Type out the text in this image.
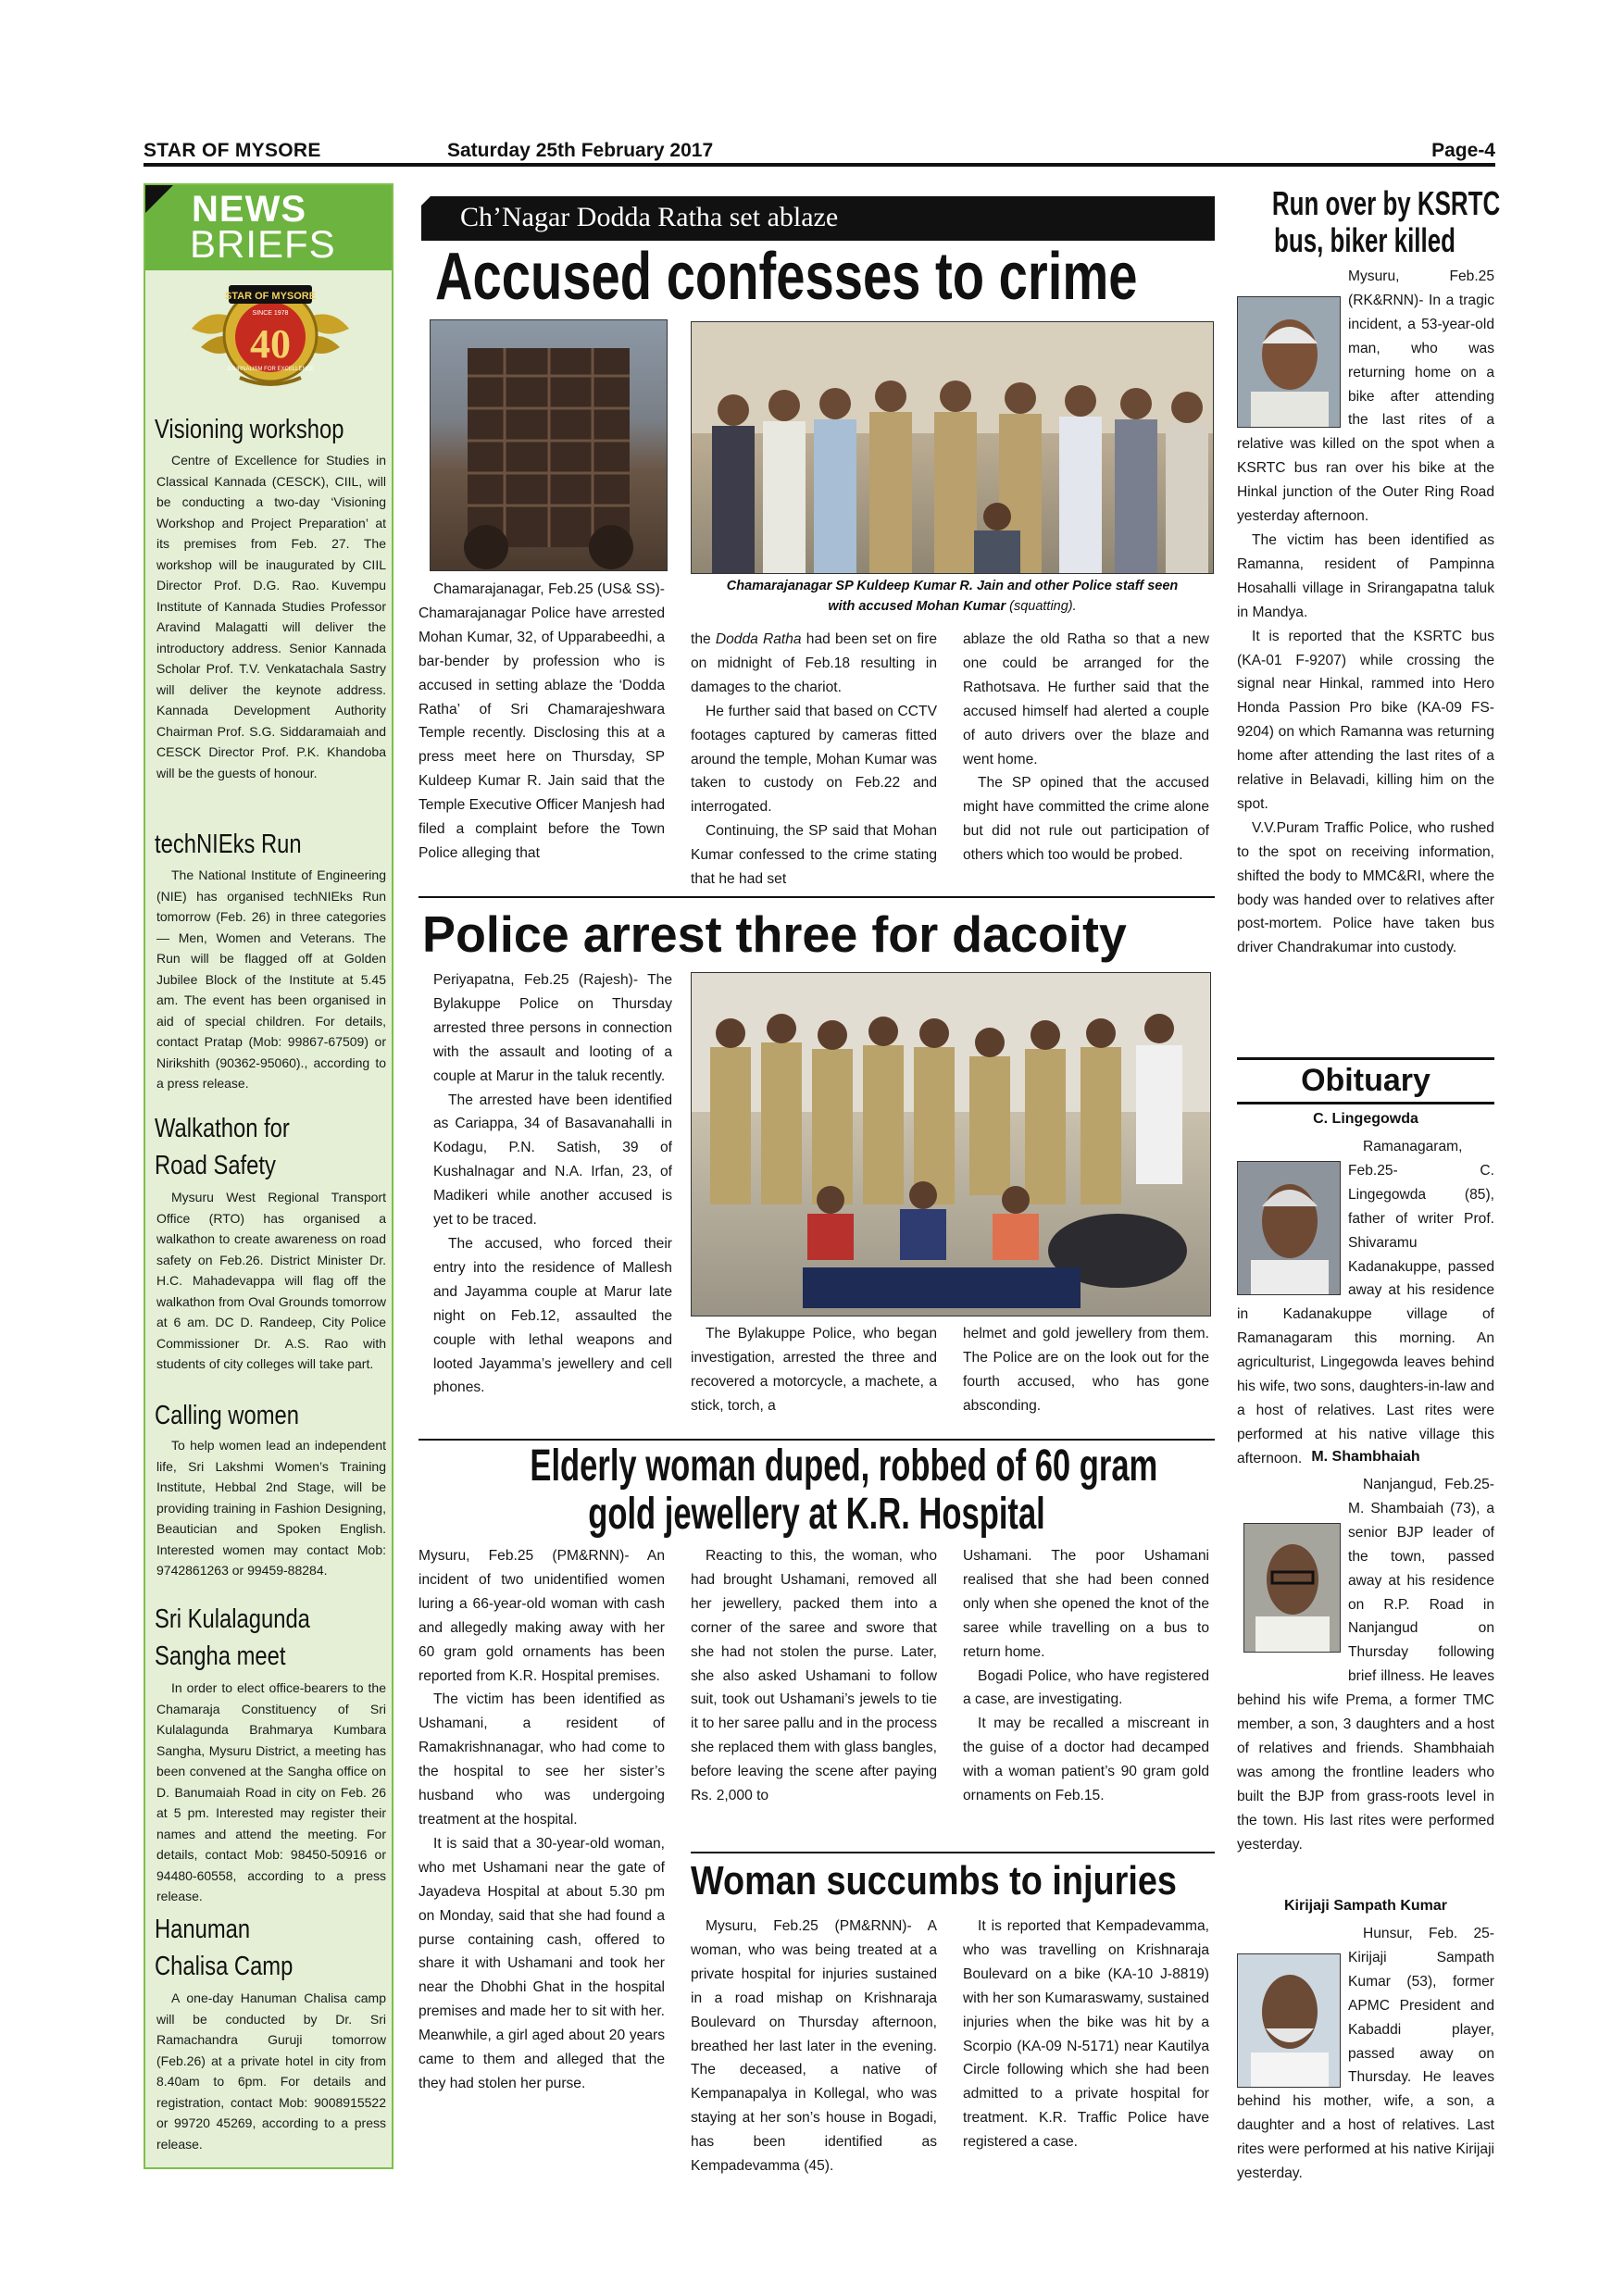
STAR OF MYSORE	Saturday 25th February 2017	Page-4
NEWS
BRIEFS
STAR OF MYSORE
SINCE 1978
40
JOURNALISM FOR EXCELLENCE
Visioning workshop
Centre of Excellence for Studies in Classical Kannada (CESCK), CIIL, will be conducting a two-day ‘Visioning Workshop and Project Preparation’ at its premises from Feb. 27. The workshop will be inaugurated by CIIL Director Prof. D.G. Rao. Kuvempu Institute of Kannada Studies Professor Aravind Malagatti will deliver the introductory address. Senior Kannada Scholar Prof. T.V. Venkatachala Sastry will deliver the keynote address. Kannada Development Authority Chairman Prof. S.G. Siddaramaiah and CESCK Director Prof. P.K. Khandoba will be the guests of honour.
techNIEks Run
The National Institute of Engineering (NIE) has organised techNIEks Run tomorrow (Feb. 26) in three categories — Men, Women and Veterans. The Run will be flagged off at Golden Jubilee Block of the Institute at 5.45 am. The event has been organised in aid of special children. For details, contact Pratap (Mob: 99867-67509) or Nirikshith (90362-95060)., according to a press release.
Walkathon for
Road Safety
Mysuru West Regional Transport Office (RTO) has organised a walkathon to create awareness on road safety on Feb.26. District Minister Dr. H.C. Mahadevappa will flag off the walkathon from Oval Grounds tomorrow at 6 am. DC D. Randeep, City Police Commissioner Dr. A.S. Rao with students of city colleges will take part.
Calling women
To help women lead an independent life, Sri Lakshmi Women’s Training Institute, Hebbal 2nd Stage, will be providing training in Fashion Designing, Beautician and Spoken English. Interested women may contact Mob: 9742861263 or 99459-88284.
Sri Kulalagunda
Sangha meet
In order to elect office-bearers to the Chamaraja Constituency of Sri Kulalagunda Brahmarya Kumbara Sangha, Mysuru District, a meeting has been convened at the Sangha office on D. Banumaiah Road in city on Feb. 26 at 5 pm. Interested may register their names and attend the meeting. For details, contact Mob: 98450-50916 or 94480-60558, according to a press release.
Hanuman
Chalisa Camp
A one-day Hanuman Chalisa camp will be conducted by Dr. Sri Ramachandra Guruji tomorrow (Feb.26) at a private hotel in city from 8.40am to 6pm. For details and registration, contact Mob: 9008915522 or 99720 45269, according to a press release.
Ch’Nagar Dodda Ratha set ablaze
Accused confesses to crime
Chamarajanagar SP Kuldeep Kumar R. Jain and other Police staff seen
with accused Mohan Kumar (squatting).
Chamarajanagar, Feb.25 (US& SS)- Chamarajanagar Police have arrested Mohan Kumar, 32, of Upparabeedhi, a bar-bender by profession who is accused in setting ablaze the ‘Dodda Ratha’ of Sri Chamarajeshwara Temple recently. Disclosing this at a press meet here on Thursday, SP Kuldeep Kumar R. Jain said that the Temple Executive Officer Manjesh had filed a complaint before the Town Police alleging that
the Dodda Ratha had been set on fire on midnight of Feb.18 resulting in damages to the chariot.
He further said that based on CCTV footages captured by cameras fitted around the temple, Mohan Kumar was taken to custody on Feb.22 and interrogated.
Continuing, the SP said that Mohan Kumar confessed to the crime stating that he had set
ablaze the old Ratha so that a new one could be arranged for the Rathotsava. He further said that the accused himself had alerted a couple of auto drivers over the blaze and went home.
The SP opined that the accused might have committed the crime alone but did not rule out participation of others which too would be probed.
Police arrest three for dacoity
Periyapatna, Feb.25 (Rajesh)- The Bylakuppe Police on Thursday arrested three persons in connection with the assault and looting of a couple at Marur in the taluk recently.
The arrested have been identified as Cariappa, 34 of Basavanahalli in Kodagu, P.N. Satish, 39 of Kushalnagar and N.A. Irfan, 23, of Madikeri while another accused is yet to be traced.
The accused, who forced their entry into the residence of Mallesh and Jayamma couple at Marur late night on Feb.12, assaulted the couple with lethal weapons and looted Jayamma’s jewellery and cell phones.
The Bylakuppe Police, who began investigation, arrested the three and recovered a motorcycle, a machete, a stick, torch, a
helmet and gold jewellery from them. The Police are on the look out for the fourth accused, who has gone absconding.
Elderly woman duped, robbed of 60 gram
gold jewellery at K.R. Hospital
Mysuru, Feb.25 (PM&RNN)- An incident of two unidentified women luring a 66-year-old woman with cash and allegedly making away with her 60 gram gold ornaments has been reported from K.R. Hospital premises.
The victim has been identified as Ushamani, a resident of Ramakrishnanagar, who had come to the hospital to see her sister’s husband who was undergoing treatment at the hospital.
It is said that a 30-year-old woman, who met Ushamani near the gate of Jayadeva Hospital at about 5.30 pm on Monday, said that she had found a purse containing cash, offered to share it with Ushamani and took her near the Dhobhi Ghat in the hospital premises and made her to sit with her. Meanwhile, a girl aged about 20 years came to them and alleged that the they had stolen her purse.
Reacting to this, the woman, who had brought Ushamani, removed all her jewellery, packed them into a corner of the saree and swore that she had not stolen the purse. Later, she also asked Ushamani to follow suit, took out Ushamani’s jewels to tie it to her saree pallu and in the process she replaced them with glass bangles, before leaving the scene after paying Rs. 2,000 to
Ushamani. The poor Ushamani realised that she had been conned only when she opened the knot of the saree while travelling on a bus to return home.
Bogadi Police, who have registered a case, are investigating.
It may be recalled a miscreant in the guise of a doctor had decamped with a woman patient’s 90 gram gold ornaments on Feb.15.
Woman succumbs to injuries
Mysuru, Feb.25 (PM&RNN)- A woman, who was being treated at a private hospital for injuries sustained in a road mishap on Krishnaraja Boulevard on Thursday afternoon, breathed her last later in the evening. The deceased, a native of Kempanapalya in Kollegal, who was staying at her son’s house in Bogadi, has been identified as Kempadevamma (45).
It is reported that Kempadevamma, who was travelling on Krishnaraja Boulevard on a bike (KA-10 J-8819) with her son Kumaraswamy, sustained injuries when the bike was hit by a Scorpio (KA-09 N-5171) near Kautilya Circle following which she had been admitted to a private hospital for treatment. K.R. Traffic Police have registered a case.
Run over by KSRTC
bus, biker killed
Mysuru, Feb.25 (RK&RNN)- In a tragic incident, a 53-year-old man, who was returning home on a bike after attending the last rites of a relative was killed on the spot when a KSRTC bus ran over his bike at the Hinkal junction of the Outer Ring Road yesterday afternoon.
The victim has been identified as Ramanna, resident of Pampinna Hosahalli village in Srirangapatna taluk in Mandya.
It is reported that the KSRTC bus (KA-01 F-9207) while crossing the signal near Hinkal, rammed into Hero Honda Passion Pro bike (KA-09 FS-9204) on which Ramanna was returning home after attending the last rites of a relative in Belavadi, killing him on the spot.
V.V.Puram Traffic Police, who rushed to the spot on receiving information, shifted the body to MMC&RI, where the body was handed over to relatives after post-mortem. Police have taken bus driver Chandrakumar into custody.
Obituary
C. Lingegowda
Ramanagaram, Feb.25- C. Lingegowda (85), father of writer Prof. Shivaramu Kadanakuppe, passed away at his residence in Kadanakuppe village of Ramanagaram this morning. An agriculturist, Lingegowda leaves behind his wife, two sons, daughters-in-law and a host of relatives. Last rites were performed at his native village this afternoon. M. Shambhaiah
Nanjangud, Feb.25- M. Shambaiah (73), a senior BJP leader of the town, passed away at his residence on R.P. Road in Nanjangud on Thursday following brief illness. He leaves behind his wife Prema, a former TMC member, a son, 3 daughters and a host of relatives and friends. Shambhaiah was among the frontline leaders who built the BJP from grass-roots level in the town. His last rites were performed yesterday.
Kirijaji Sampath Kumar
Hunsur, Feb. 25- Kirijaji Sampath Kumar (53), former APMC President and Kabaddi player, passed away on Thursday. He leaves behind his mother, wife, a son, a daughter and a host of relatives. Last rites were performed at his native Kirijaji yesterday.
